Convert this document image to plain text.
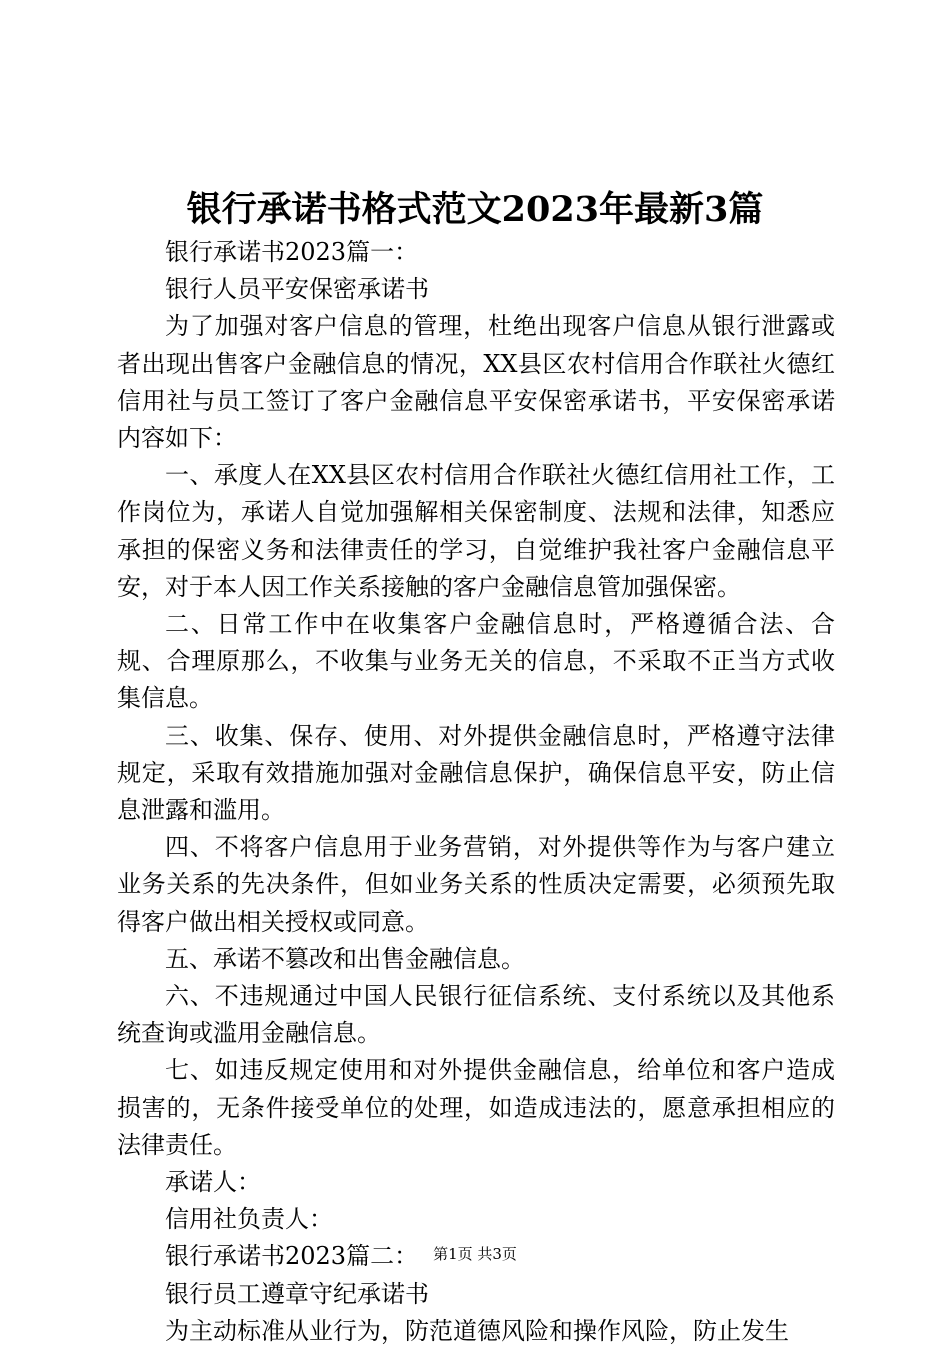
银行承诺书格式范文2023年最新3篇

银行承诺书2023篇一：

银行人员平安保密承诺书

为了加强对客户信息的管理，杜绝出现客户信息从银行泄露或者出现出售客户金融信息的情况，XX县区农村信用合作联社火德红信用社与员工签订了客户金融信息平安保密承诺书，平安保密承诺内容如下：

一、承度人在XX县区农村信用合作联社火德红信用社工作，工作岗位为，承诺人自觉加强解相关保密制度、法规和法律，知悉应承担的保密义务和法律责任的学习，自觉维护我社客户金融信息平安，对于本人因工作关系接触的客户金融信息管加强保密。

二、日常工作中在收集客户金融信息时，严格遵循合法、合规、合理原那么，不收集与业务无关的信息，不采取不正当方式收集信息。

三、收集、保存、使用、对外提供金融信息时，严格遵守法律规定，采取有效措施加强对金融信息保护，确保信息平安，防止信息泄露和滥用。

四、不将客户信息用于业务营销，对外提供等作为与客户建立业务关系的先决条件，但如业务关系的性质决定需要，必须预先取得客户做出相关授权或同意。

五、承诺不篡改和出售金融信息。

六、不违规通过中国人民银行征信系统、支付系统以及其他系统查询或滥用金融信息。

七、如违反规定使用和对外提供金融信息，给单位和客户造成损害的，无条件接受单位的处理，如造成违法的，愿意承担相应的法律责任。

承诺人：

信用社负责人：

银行承诺书2023篇二：

银行员工遵章守纪承诺书

为主动标准从业行为，防范道德风险和操作风险，防止发生

第1页 共3页
